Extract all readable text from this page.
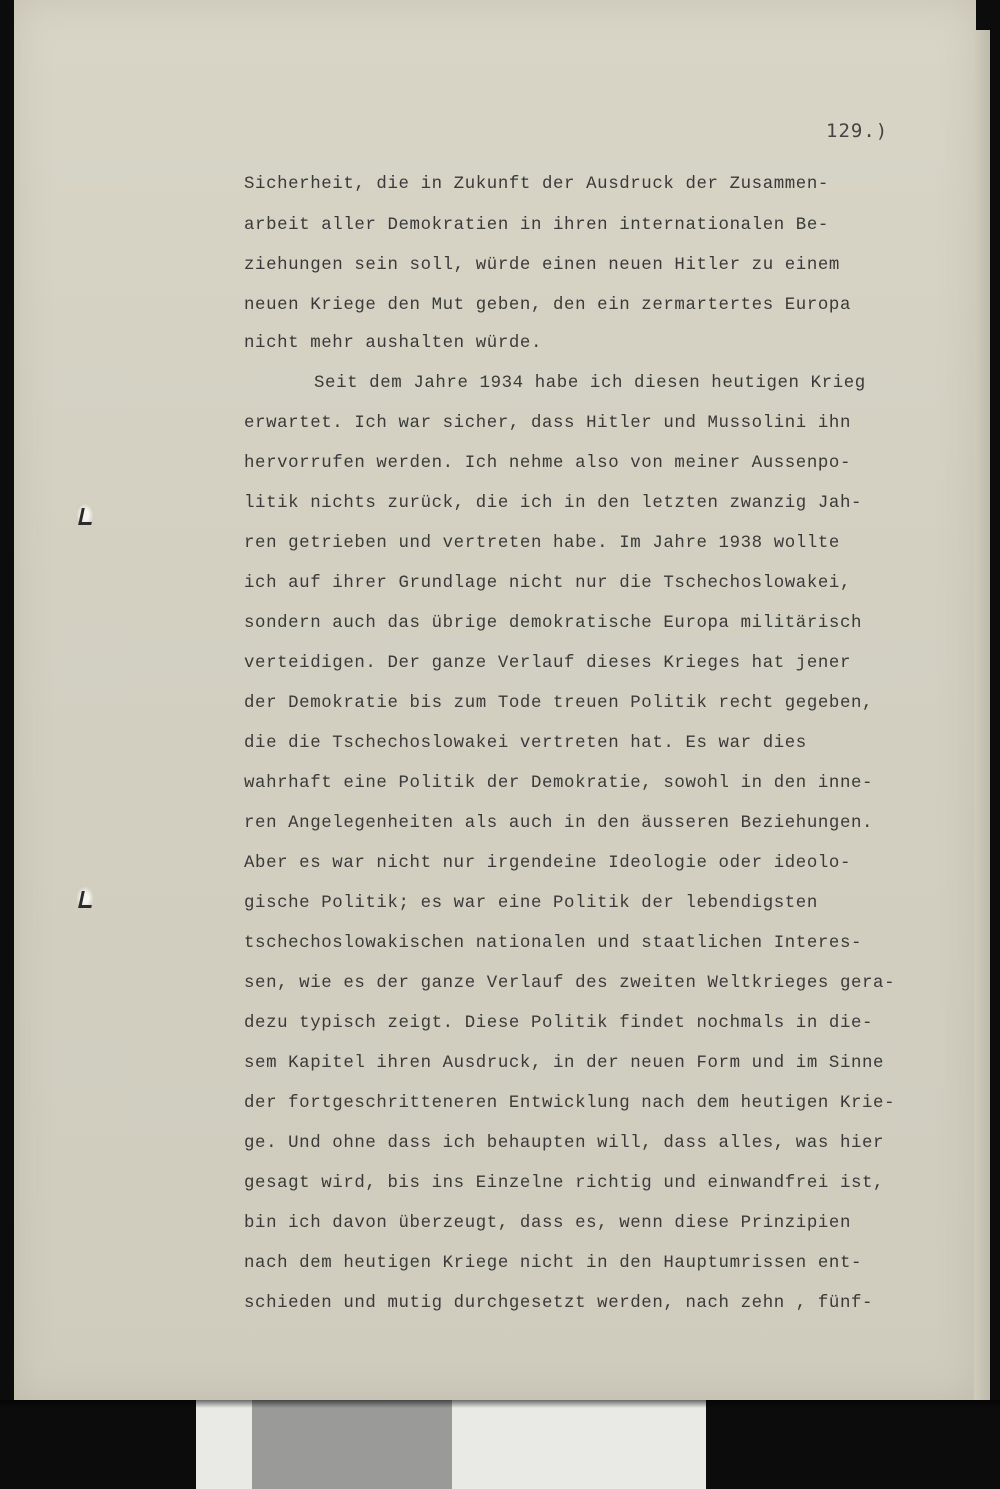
129.)
Sicherheit, die in Zukunft der Ausdruck der Zusammen-
arbeit aller Demokratien in ihren internationalen Be-
ziehungen sein soll, würde einen neuen Hitler zu einem
neuen Kriege den Mut geben, den ein zermartertes Europa
nicht mehr aushalten würde.
Seit dem Jahre 1934 habe ich diesen heutigen Krieg
erwartet. Ich war sicher, dass Hitler und Mussolini ihn
hervorrufen werden. Ich nehme also von meiner Aussenpo-
litik nichts zurück, die ich in den letzten zwanzig Jah-
ren getrieben und vertreten habe. Im Jahre 1938 wollte
ich auf ihrer Grundlage nicht nur die Tschechoslowakei,
sondern auch das übrige demokratische Europa militärisch
verteidigen. Der ganze Verlauf dieses Krieges hat jener
der Demokratie bis zum Tode treuen Politik recht gegeben,
die die Tschechoslowakei vertreten hat. Es war dies
wahrhaft eine Politik der Demokratie, sowohl in den inne-
ren Angelegenheiten als auch in den äusseren Beziehungen.
Aber es war nicht nur irgendeine Ideologie oder ideolo-
gische Politik; es war eine Politik der lebendigsten
tschechoslowakischen nationalen und staatlichen Interes-
sen, wie es der ganze Verlauf des zweiten Weltkrieges gera-
dezu typisch zeigt. Diese Politik findet nochmals in die-
sem Kapitel ihren Ausdruck, in der neuen Form und im Sinne
der fortgeschritteneren Entwicklung nach dem heutigen Krie-
ge. Und ohne dass ich behaupten will, dass alles, was hier
gesagt wird, bis ins Einzelne richtig und einwandfrei ist,
bin ich davon überzeugt, dass es, wenn diese Prinzipien
nach dem heutigen Kriege nicht in den Hauptumrissen ent-
schieden und mutig durchgesetzt werden, nach zehn , fünf-
